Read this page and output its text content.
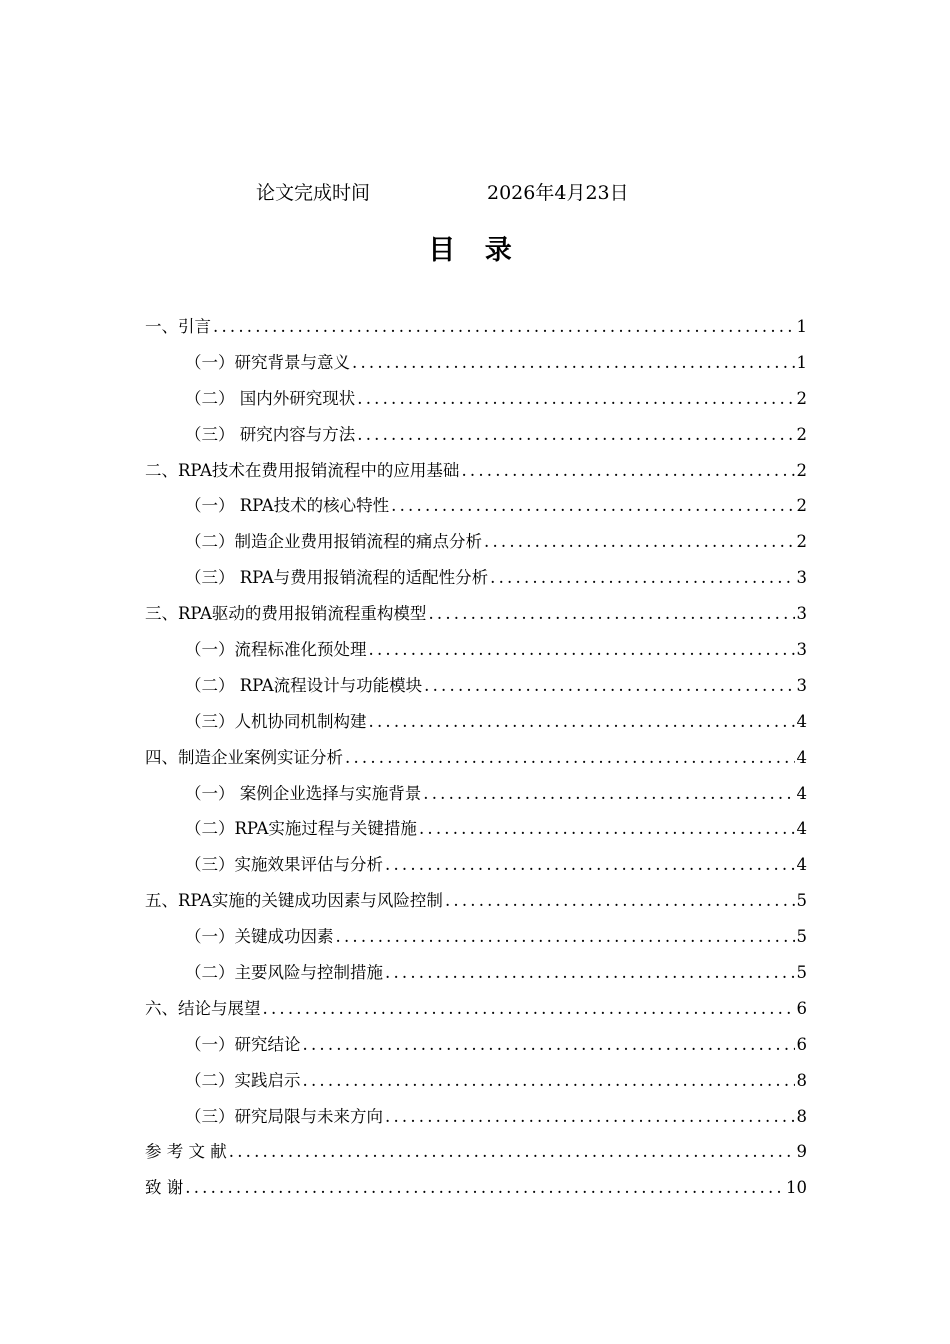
论文完成时间	2026年4月23日
目 录
一、引言 .....	1
（一）研究背景与意义 .....	1
（二） 国内外研究现状 .....	2
（三） 研究内容与方法 .....	2
二、RPA技术在费用报销流程中的应用基础 .....	2
（一） RPA技术的核心特性 .....	2
（二）制造企业费用报销流程的痛点分析 .....	2
（三） RPA与费用报销流程的适配性分析 .....	3
三、RPA驱动的费用报销流程重构模型 .....	3
（一）流程标准化预处理 .....	3
（二） RPA流程设计与功能模块 .....	3
（三）人机协同机制构建 .....	4
四、制造企业案例实证分析 .....	4
（一） 案例企业选择与实施背景 .....	4
（二）RPA实施过程与关键措施 .....	4
（三）实施效果评估与分析 .....	4
五、RPA实施的关键成功因素与风险控制 .....	5
（一）关键成功因素 .....	5
（二）主要风险与控制措施 .....	5
六、结论与展望 .....	6
（一）研究结论 .....	6
（二）实践启示 .....	8
（三）研究局限与未来方向 .....	8
参 考 文 献 .....	9
致 谢 .....	10
